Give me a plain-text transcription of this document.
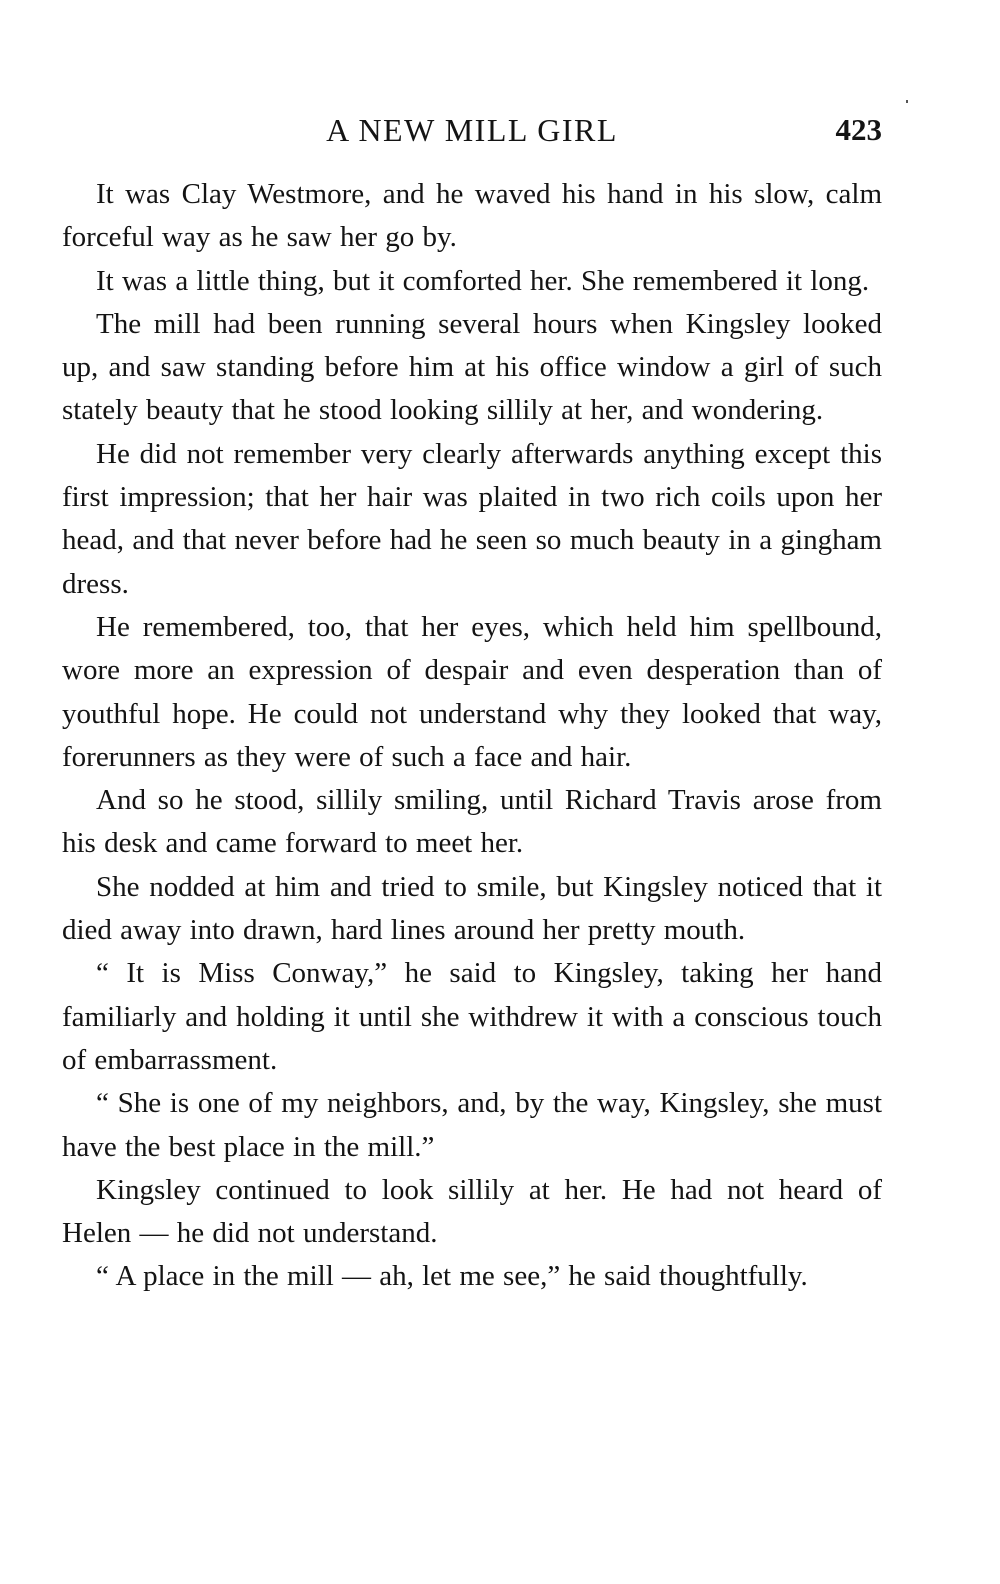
A NEW MILL GIRL	423

It was Clay Westmore, and he waved his hand in his slow, calm forceful way as he saw her go by.

It was a little thing, but it comforted her. She remembered it long.

The mill had been running several hours when Kingsley looked up, and saw standing before him at his office window a girl of such stately beauty that he stood looking sillily at her, and wondering.

He did not remember very clearly afterwards anything except this first impression; that her hair was plaited in two rich coils upon her head, and that never before had he seen so much beauty in a gingham dress.

He remembered, too, that her eyes, which held him spellbound, wore more an expression of despair and even desperation than of youthful hope. He could not understand why they looked that way, forerunners as they were of such a face and hair.

And so he stood, sillily smiling, until Richard Travis arose from his desk and came forward to meet her.

She nodded at him and tried to smile, but Kingsley noticed that it died away into drawn, hard lines around her pretty mouth.

“ It is Miss Conway,” he said to Kingsley, taking her hand familiarly and holding it until she withdrew it with a conscious touch of embarrassment.

“ She is one of my neighbors, and, by the way, Kingsley, she must have the best place in the mill.”

Kingsley continued to look sillily at her. He had not heard of Helen — he did not understand.

“ A place in the mill — ah, let me see,” he said thoughtfully.
